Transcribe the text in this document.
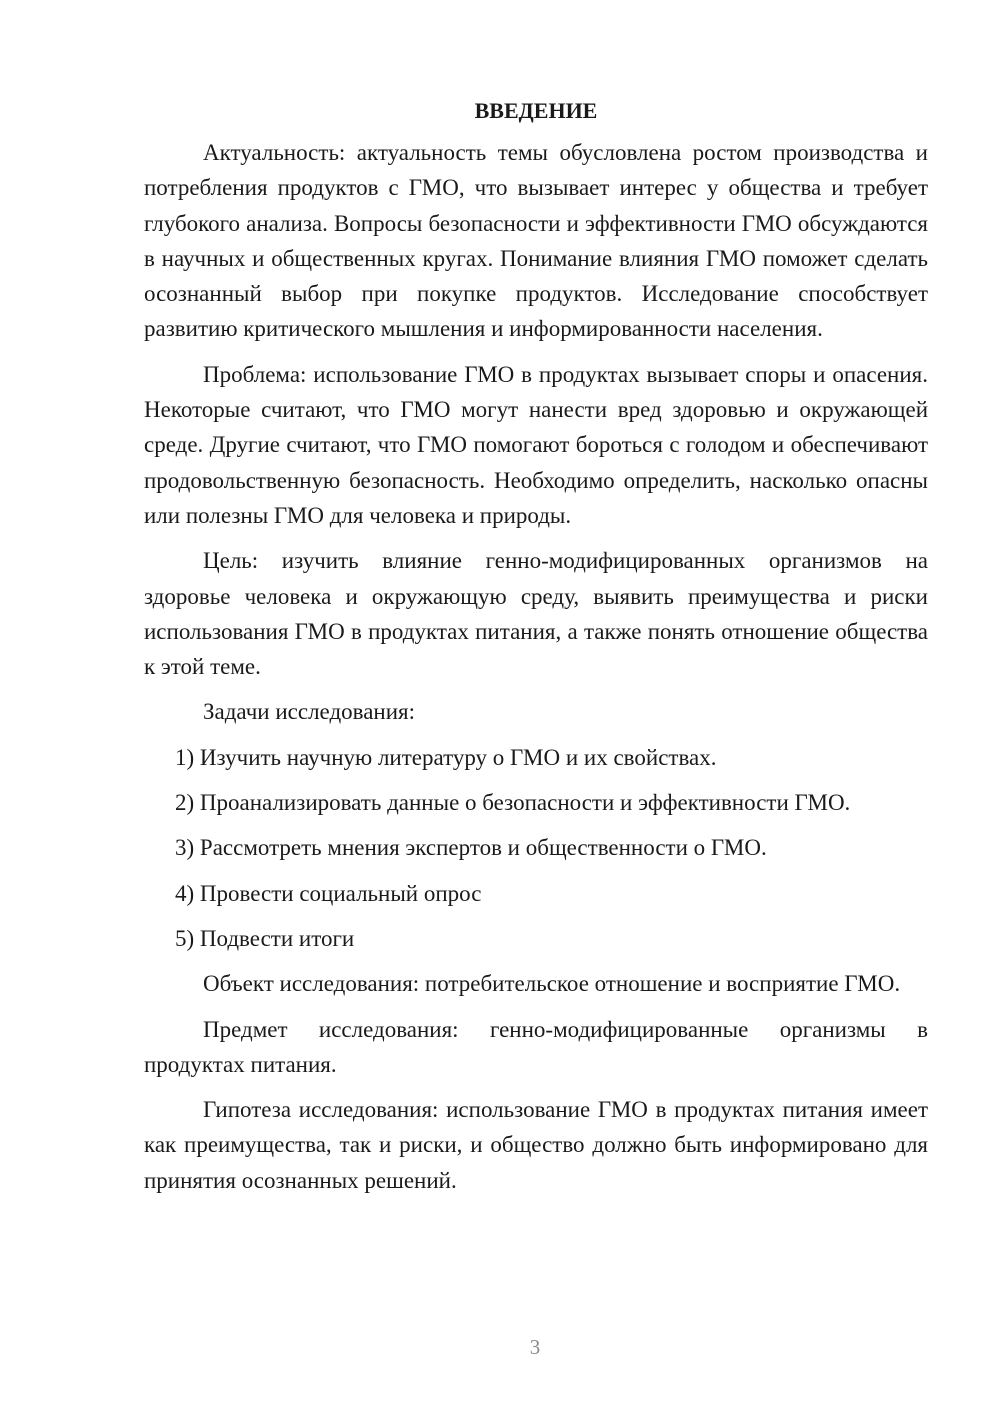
ВВЕДЕНИЕ

Актуальность: актуальность темы обусловлена ростом производства и потребления продуктов с ГМО, что вызывает интерес у общества и требует глубокого анализа. Вопросы безопасности и эффективности ГМО обсуждаются в научных и общественных кругах. Понимание влияния ГМО поможет сделать осознанный выбор при покупке продуктов. Исследование способствует развитию критического мышления и информированности населения.

Проблема: использование ГМО в продуктах вызывает споры и опасения. Некоторые считают, что ГМО могут нанести вред здоровью и окружающей среде. Другие считают, что ГМО помогают бороться с голодом и обеспечивают продовольственную безопасность. Необходимо определить, насколько опасны или полезны ГМО для человека и природы.

Цель: изучить влияние генно-модифицированных организмов на здоровье человека и окружающую среду, выявить преимущества и риски использования ГМО в продуктах питания, а также понять отношение общества к этой теме.

Задачи исследования:

1) Изучить научную литературу о ГМО и их свойствах.
2) Проанализировать данные о безопасности и эффективности ГМО.
3) Рассмотреть мнения экспертов и общественности о ГМО.
4) Провести социальный опрос
5) Подвести итоги

Объект исследования: потребительское отношение и восприятие ГМО.

Предмет исследования: генно-модифицированные организмы в продуктах питания.

Гипотеза исследования: использование ГМО в продуктах питания имеет как преимущества, так и риски, и общество должно быть информировано для принятия осознанных решений.

3
